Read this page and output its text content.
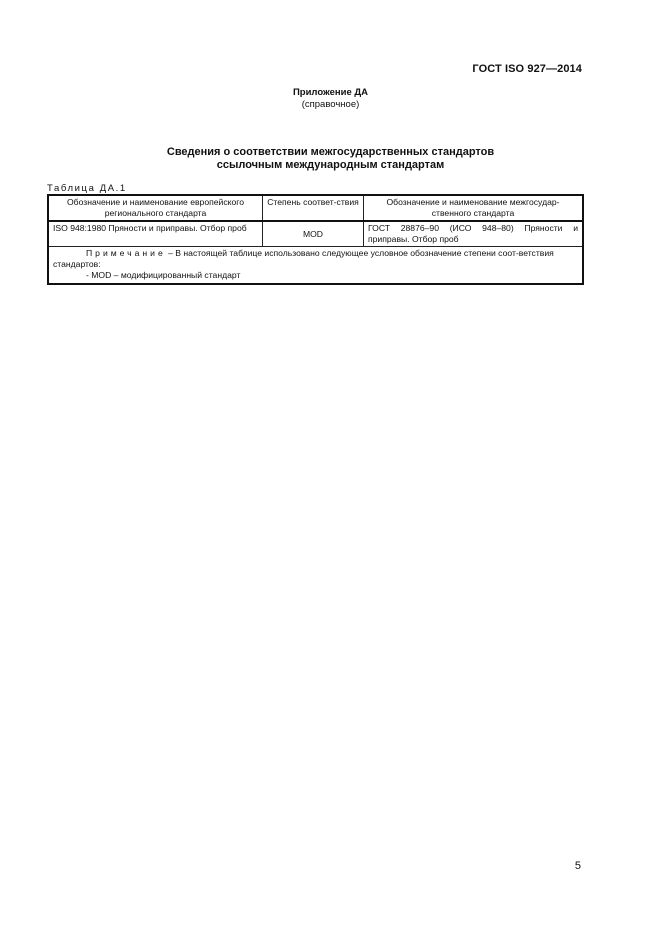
ГОСТ ISO 927—2014
Приложение ДА
(справочное)
Сведения о соответствии межгосударственных стандартов
ссылочным международным стандартам
Таблица ДА.1
Обозначение и наименование европейского регионального стандарта	Степень соответ-ствия	Обозначение и наименование межгосудар-ственного стандарта
ISO 948:1980 Пряности и приправы. Отбор проб	MOD	ГОСТ 28876–90 (ИСО 948–80) Пряности и приправы. Отбор проб

Примечание – В настоящей таблице использовано следующее условное обозначение степени соот-ветствия стандартов:
- MOD – модифицированный стандарт		
5
